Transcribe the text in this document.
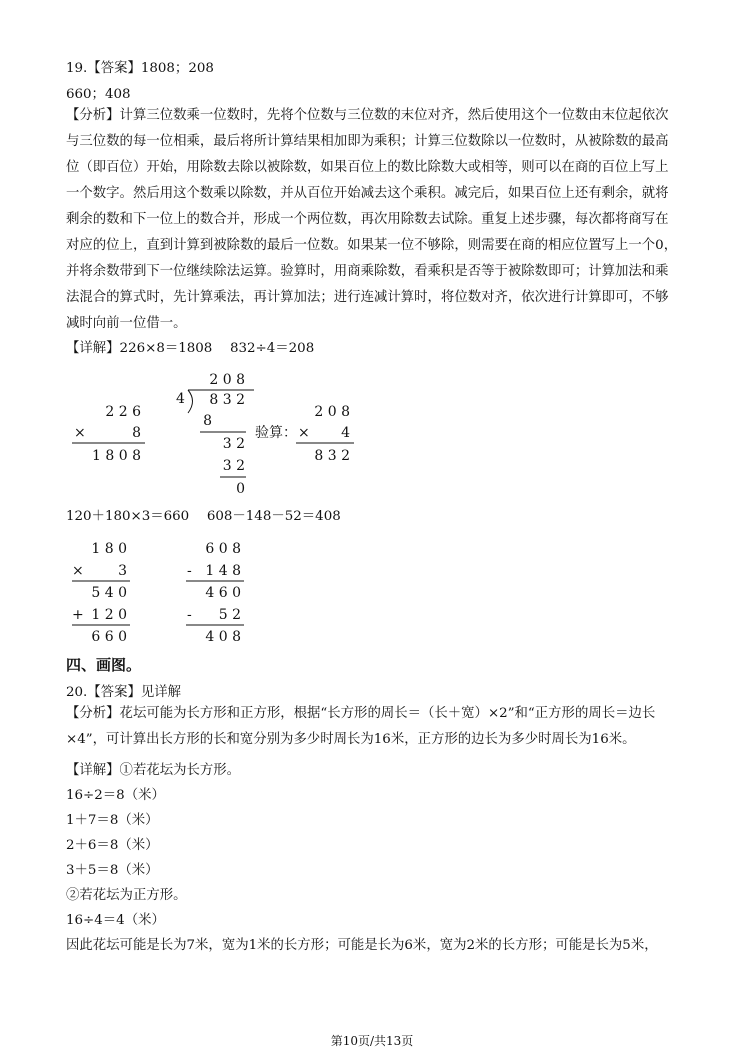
19.【答案】1808；208
660；408
【分析】计算三位数乘一位数时，先将个位数与三位数的末位对齐，然后使用这个一位数由末位起依次与三位数的每一位相乘，最后将所计算结果相加即为乘积；计算三位数除以一位数时，从被除数的最高位（即百位）开始，用除数去除以被除数，如果百位上的数比除数大或相等，则可以在商的百位上写上一个数字。然后用这个数乘以除数，并从百位开始减去这个乘积。减完后，如果百位上还有剩余，就将剩余的数和下一位上的数合并，形成一个两位数，再次用除数去试除。重复上述步骤，每次都将商写在对应的位上，直到计算到被除数的最后一位数。如果某一位不够除，则需要在商的相应位置写上一个0，并将余数带到下一位继续除法运算。验算时，用商乘除数，看乘积是否等于被除数即可；计算加法和乘法混合的算式时，先计算乘法，再计算加法；进行连减计算时，将位数对齐，依次进行计算即可，不够减时向前一位借一。
【详解】226×8＝1808　 832÷4＝208
2 2 6
×	8
1 8 0 8
2 0 8
4 8 3 2
8
3 2
3 2
0
验算：
2 0 8
× 4
8 3 2
1 8 0
× 3
5 4 0
+ 1 2 0
6 6 0
6 0 8
- 1 4 8
4 6 0
- 5 2
4 0 8
120＋180×3＝660　 608－148－52＝408
四、画图。
20.【答案】见详解
【分析】花坛可能为长方形和正方形，根据“长方形的周长＝（长＋宽）×2”和“正方形的周长＝边长×4”，可计算出长方形的长和宽分别为多少时周长为16米，正方形的边长为多少时周长为16米。
【详解】①若花坛为长方形。
16÷2＝8（米）
1＋7＝8（米）
2＋6＝8（米）
3＋5＝8（米）
②若花坛为正方形。
16÷4＝4（米）
因此花坛可能是长为7米，宽为1米的长方形；可能是长为6米，宽为2米的长方形；可能是长为5米，
第10页/共13页
